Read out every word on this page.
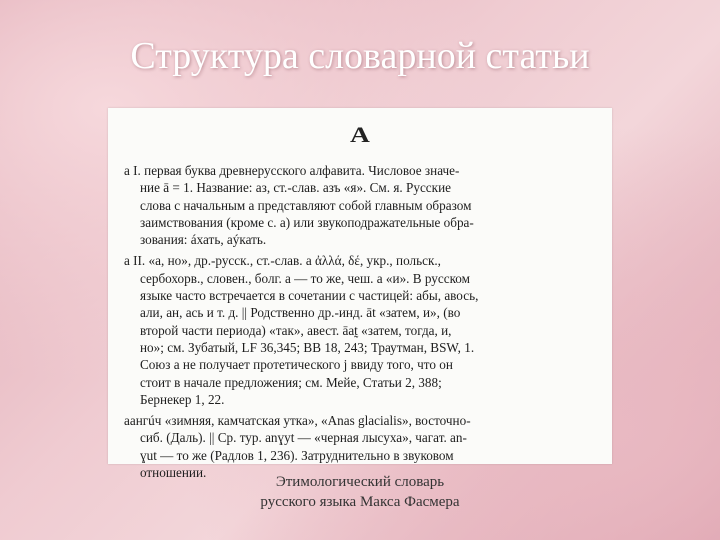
Структура словарной статьи
А
а I. первая буква древнерусского алфавита. Числовое значе-
ние ā = 1. Название: аз, ст.-слав. азъ «я». См. я. Русские
слова с начальным а представляют собой главным образом
заимствования (кроме с. а) или звукоподражательные обра-
зования: áхать, аýкать.
а II. «а, но», др.-русск., ст.-слав. а ἀλλά, δέ, укр., польск.,
сербохорв., словен., болг. а — то же, чеш. a «и». В русском
языке часто встречается в сочетании с частицей: абы, авось,
али, ан, ась и т. д. || Родственно др.-инд. āt «затем, и», (во
второй части периода) «так», авест. āat̰ «затем, тогда, и,
но»; см. Зубатый, LF 36,345; BB 18, 243; Траутман, BSW, 1.
Союз а не получает протетического j ввиду того, что он
стоит в начале предложения; см. Мейе, Статьи 2, 388;
Бернекер 1, 22.
аангúч «зимняя, камчатская утка», «Anas glacialis», восточно-
сиб. (Даль). || Ср. тур. anɣyt — «черная лысуха», чагат. an-
ɣut — то же (Радлов 1, 236). Затруднительно в звуковом
отношении.
Этимологический словарь
русского языка Макса Фасмера
